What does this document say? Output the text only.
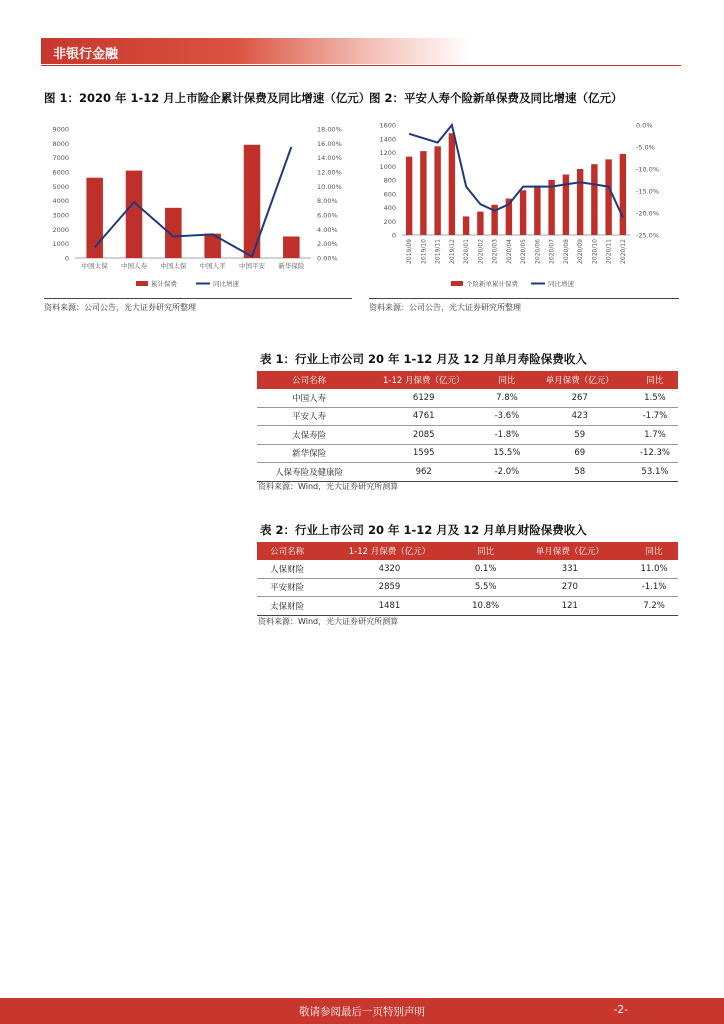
非银行金融
图 1：2020 年 1-12 月上市险企累计保费及同比增速（亿元）
0
1000
2000
3000
4000
5000
6000
7000
8000
9000
0.00%
2.00%
4.00%
6.00%
8.00%
10.00%
12.00%
14.00%
16.00%
18.00%
中国太保 中国人寿 中国太保 中国人平 中国平安 新华保险
累计保费	同比增速
资料来源：公司公告，光大证券研究所整理
图 2：平安人寿个险新单保费及同比增速（亿元）
0
200
400
600
800
1000
1200
1400
1600	0.0%
-5.0%
-10.0%
-15.0%
-20.0%
-25.0%
2019/09 2019/10 2019/11 2019/12 2020/01 2020/02 2020/03 2020/04 2020/05 2020/06 2020/07 2020/08 2020/09 2020/10 2020/11 2020/12
个险新单累计保费	同比增速
资料来源：公司公告，光大证券研究所整理
表 1：行业上市公司 20 年 1-12 月及 12 月单月寿险保费收入
公司名称	1-12 月保费（亿元）	同比	单月保费（亿元）	同比
中国人寿	6129	7.8%	267	1.5%
平安人寿	4761	-3.6%	423	-1.7%
太保寿险	2085	-1.8%	59	1.7%
新华保险	1595	15.5%	69	-12.3%
人保寿险及健康险	962	-2.0%	58	53.1%
资料来源：Wind，光大证券研究所测算
表 2：行业上市公司 20 年 1-12 月及 12 月单月财险保费收入
公司名称	1-12 月保费（亿元）	同比	单月保费（亿元）	同比
人保财险	4320	0.1%	331	11.0%
平安财险	2859	5.5%	270	-1.1%
太保财险	1481	10.8%	121	7.2%
资料来源：Wind，光大证券研究所测算
敬请参阅最后一页特别声明	-2-
